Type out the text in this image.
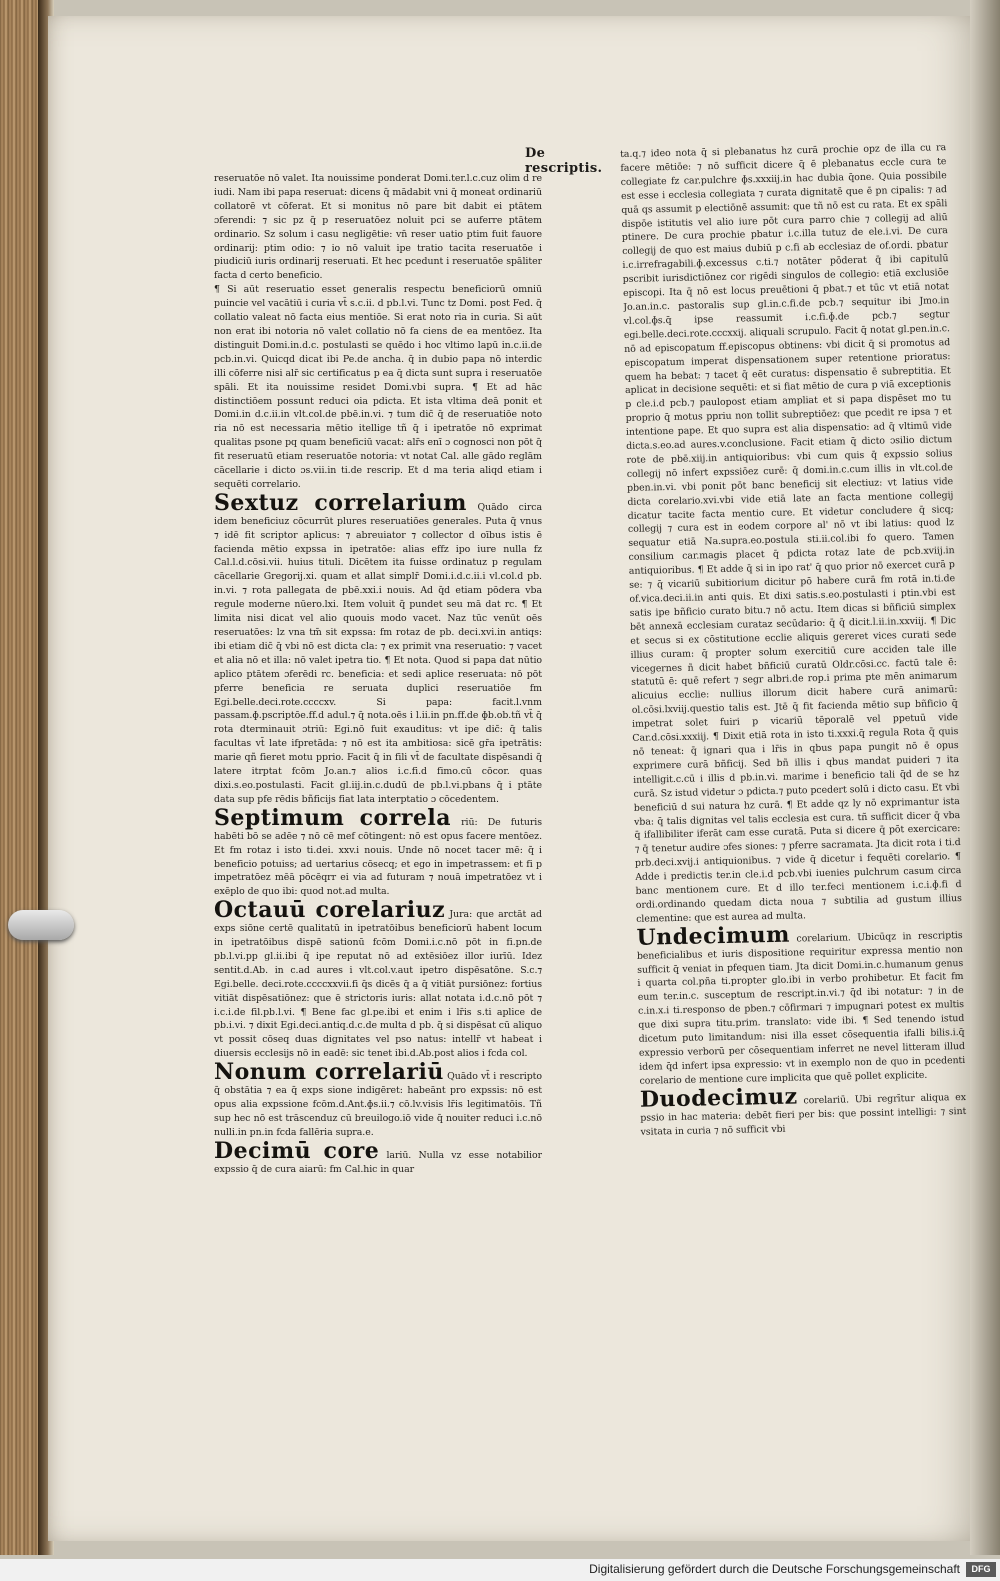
De rescriptis.

reseruatōe nō valet. Ita nouissime ponderat Domi.ter.l.c.cuz olim d re iudi. Nam ibi papa reseruat: dicens q̄ mādabit vni q̄ moneat ordinariū collatorē vt cōferat. Et si monitus nō pare bit dabit ei ptātem ɔferendi: ⁊ sic pz q̄ p reseruatōez noluit pci se auferre ptātem ordinario. Sz solum i casu negligētie: vn̄ reser uatio ptim fuit fauore ordinarij: ptim odio: ⁊ io nō valuit ipe tratio tacita reseruatōe i piudiciū iuris ordinarij reseruati. Et hec pcedunt i reseruatōe spāliter facta d certo beneficio.

¶ Si aūt reseruatio esset generalis respectu beneficiorū omniū puincie vel vacātiū i curia vt̄ s.c.ii. d pb.l.vi. Tunc tz Domi. post Fed. q̄ collatio valeat nō facta eius mentiōe. Si erat noto ria in curia. Si aūt non erat ibi notoria nō valet collatio nō fa ciens de ea mentōez. Ita distinguit Domi.in.d.c. postulasti se quēdo i hoc vltimo lapū in.c.ii.de pcb.in.vi. Quicqd dicat ibi Pe.de ancha. q̄ in dubio papa nō interdic illi cōferre nisi alr̄ sic certificatus p ea q̄ dicta sunt supra i reseruatōe spāli. Et ita nouissime residet Domi.vbi supra. ¶ Et ad hāc distinctiōem possunt reduci oia pdicta. Et ista vltima deā ponit et Domi.in d.c.ii.in vlt.col.de pbē.in.vi. ⁊ tum dic̄ q̄ de reseruatiōe noto ria nō est necessaria mētio itellige tñ q̄ i ipetratōe nō exprimat qualitas psone pq quam beneficiū vacat: alr̄s enī ɔ cognosci non pōt q̄ fit reseruatū etiam reseruatōe notoria: vt notat Cal. alle gādo reglām cācellarie i dicto ɔs.vii.in ti.de rescrip. Et d ma teria aliqd etiam i sequēti correlario.

Sextuz correlarium Quādo circa idem beneficiuz cōcurrūt plures reseruatiōes generales. Puta q̄ vnus ⁊ idē fit scriptor aplicus: ⁊ abreuiator ⁊ collector d oībus istis ē facienda mētio expssa in ipetratōe: alias effz ipo iure nulla fz Cal.l.d.cōsi.vii. huius tituli. Dicētem ita fuisse ordinatuz p regulam cācellarie Gregorij.xi. quam et allat simplr̄ Domi.i.d.c.ii.i vl.col.d pb. in.vi. ⁊ rota pallegata de pbē.xxi.i nouis. Ad q̄d etiam pōdera vba regule moderne nūero.lxi. Item voluit q̄ pundet seu mā dat rc. ¶ Et limita nisi dicat vel alio quouis modo vacet. Naz tūc venūt oēs reseruatōes: lz vna tm̄ sit expssa: fm rotaz de pb. deci.xvi.in antiqs: ibi etiam dic̄ q̄ vbi nō est dicta cla: ⁊ ex primit vna reseruatio: ⁊ vacet et alia nō et illa: nō valet ipetra tio. ¶ Et nota. Quod si papa dat nūtio aplico ptātem ɔferēdi rc. beneficia: et sedi aplice reseruata: nō pōt pferre beneficia re seruata duplici reseruatiōe fm Egi.belle.deci.rote.ccccxv. Si papa: facit.l.vnm passam.ɸ.pscriptōe.ff.d adul.⁊ q̄ nota.oēs i l.ii.in pn.ff.de ɸb.ob.tñ vt̄ q̄ rota dterminauit ɔtriū: Egi.nō fuit exauditus: vt ipe dic̄: q̄ talis facultas vt̄ late ifpretāda: ⁊ nō est ita ambitiosa: sicē gr̄a ipetrātis: marie qñ fieret motu pprio. Facit q̄ in fili vt̄ de facultate dispēsandi q̄ latere itrptat fcōm Jo.an.⁊ alios i.c.fi.d fimo.cū cōcor. quas dixi.s.eo.postulasti. Facit gl.iij.in.c.dudū de pb.l.vi.pbans q̄ i ptāte data sup pfe rēdis bñficijs fiat lata interptatio ɔ cōcedentem.

Septimum correla riū: De futuris habēti bō se adēe ⁊ nō cē mef cōtingent: nō est opus facere mentōez. Et fm rotaz i isto ti.dei. xxv.i nouis. Unde nō nocet tacer mē: q̄ i beneficio potuiss; ad uertarius cōsecq; et ego in impetrassem: et fi p impetratōez mēā pōcēqrr ei via ad futuram ⁊ nouā impetratōez vt i exēplo de quo ibi: quod not.ad multa.

Octauū corelariuz Jura: que arctāt ad exps siōne certē qualitatū in ipetratōibus beneficiorū habent locum in ipetratōibus dispē sationū fcōm Domi.i.c.nō pōt in fi.pn.de pb.l.vi.pp gl.ii.ibi q̄ ipe reputat nō ad extēsiōez illor iurīū. Idez sentit.d.Ab. in c.ad aures i vlt.col.v.aut ipetro dispēsatōne. S.c.⁊ Egi.belle. deci.rote.ccccxxvii.fi q̄s dicēs q̄ a q̄ vitiāt pursiōnez: fortius vitiāt dispēsatiōnez: que ē strictoris iuris: allat notata i.d.c.nō pōt ⁊ i.c.i.de fil.pb.l.vi. ¶ Bene fac gl.pe.ibi et enim i lr̄is s.ti aplice de pb.i.vi. ⁊ dixit Egi.deci.antiq.d.c.de multa d pb. q̄ si dispēsat cū aliquo vt possit cōseq duas dignitates vel pso natus: intellr̄ vt habeat i diuersis ecclesijs nō in eadē: sic tenet ibi.d.Ab.post alios i fcda col.

Nonum correlariū Quādo vt̄ i rescripto q̄ obstātia ⁊ ea q̄ exps sione indigēret: habeānt pro expssis: nō est opus alia expssione fcōm.d.Ant.ɸs.ii.⁊ cō.lv.visis lr̄is legitimatōis. Tñ sup hec nō est trāscenduz cū breuilogo.iō vide q̄ nouiter reduci i.c.nō nulli.in pn.in fcda fallēria supra.e.

Decimū core lariū. Nulla vz esse notabilior expssio q̄ de cura aiarū: fm Cal.hic in quar

ta.q.⁊ ideo nota q̄ si plebanatus hz curā prochie opz de illa cu ra facere mētiōe: ⁊ nō sufficit dicere q̄ ē plebanatus eccle cura te collegiate fz car.pulchre ɸs.xxxiij.in hac dubia q̄one. Quia possibile est esse i ecclesia collegiata ⁊ curata dignitatē que ē pn cipalis: ⁊ ad quā qs assumit p electiōnē assumit: que tñ nō est cu rata. Et ex spāli dispōe istitutis vel alio iure pōt cura parro chie ⁊ collegij ad aliū ptinere. De cura prochie pbatur i.c.illa tutuz de ele.i.vi. De cura collegij de quo est maius dubiū p c.fi ab ecclesiaz de of.ordi. pbatur i.c.irrefragabili.ɸ.excessus c.ti.⁊ notāter pōderat q̄ ibi capitulū pscribit iurisdictiōnez cor rigēdi singulos de collegio: etiā exclusiōe episcopi. Ita q̄ nō est locus preuētioni q̄ pbat.⁊ et tūc vt etiā notat Jo.an.in.c. pastoralis sup gl.in.c.fi.de pcb.⁊ sequitur ibi Jmo.in vl.col.ɸs.q̄ ipse reassumit i.c.fi.ɸ.de pcb.⁊ segtur egi.belle.deci.rote.cccxxij. aliquali scrupulo. Facit q̄ notat gl.pen.in.c. nō ad episcopatum ff.episcopus obtinens: vbi dicit q̄ si promotus ad episcopatum imperat dispensationem super retentione prioratus: quem ha bebat: ⁊ tacet q̄ eēt curatus: dispensatio ē subreptitia. Et aplicat in decisione sequēti: et si fiat mētio de cura p viā exceptionis p cle.i.d pcb.⁊ paulopost etiam ampliat et si papa dispēset mo tu proprio q̄ motus ppriu non tollit subreptiōez: que pcedit re ipsa ⁊ et intentione pape. Et quo supra est alia dispensatio: ad q̄ vltimū vide dicta.s.eo.ad aures.v.conclusione. Facit etiam q̄ dicto ɔsilio dictum rote de pbē.xiij.in antiquioribus: vbi cum quis q̄ expssio solius collegij nō infert expssiōez curē: q̄ domi.in.c.cum illis in vlt.col.de pben.in.vi. vbi ponit pōt banc beneficij sit electiuz: vt latius vide dicta corelario.xvi.vbi vide etiā late an facta mentione collegij dicatur tacite facta mentio cure. Et videtur concludere q̄ sicq; collegij ⁊ cura est in eodem corpore al' nō vt ibi latius: quod lz sequatur etiā Na.supra.eo.postula sti.ii.col.ibi fo quero. Tamen consilium car.magis placet q̄ pdicta rotaz late de pcb.xviij.in antiquioribus. ¶ Et adde q̄ si in ipo rat' q̄ quo prior nō exercet curā p se: ⁊ q̄ vicariū subitiorium dicitur pō habere curā fm rotā in.ti.de of.vica.deci.ii.in anti quis. Et dixi satis.s.eo.postulasti i ptin.vbi est satis ipe bñficio curato bitu.⁊ nō actu. Item dicas si bñficiū simplex bēt annexā ecclesiam curataz secūdario: q̄ q̄ dicit.l.ii.in.xxviij. ¶ Dic et secus si ex cōstitutione ecclie aliquis gereret vices curati sede illius curam: q̄ propter solum exercitiū cure acciden tale ille vicegernes ñ dicit habet bñficiū curatū Oldr.cōsi.cc. factū tale ē: statutū ē: quē refert ⁊ segr albri.de rop.i prima pte mēn animarum alicuius ecclie: nullius illorum dicit habere curā animarū: ol.cōsi.lxviij.questio talis est. Jtē q̄ fit facienda mētio sup bñficio q̄ impetrat solet fuiri p vicariū tēporalē vel ppetuū vide Car.d.cōsi.xxxiij. ¶ Dixit etiā rota in isto ti.xxxi.q̄ regula Rota q̄ quis nō teneat: q̄ ignari qua i lr̄is in qbus papa pungit nō ē opus exprimere curā bñficij. Sed bñ illis i qbus mandat puideri ⁊ ita intelligit.c.cū i illis d pb.in.vi. marime i beneficio tali q̄d de se hz curā. Sz istud videtur ɔ pdicta.⁊ puto pcedert solū i dicto casu. Et vbi beneficiū d sui natura hz curā. ¶ Et adde qz ly nō exprimantur ista vba: q̄ talis dignitas vel talis ecclesia est cura. tñ sufficit dicer q̄ vba q̄ ifallibiliter iferāt cam esse curatā. Puta si dicere q̄ pōt exercicare: ⁊ q̄ tenetur audire ɔfes siones: ⁊ pferre sacramata. Jta dicit rota i ti.d prb.deci.xvij.i antiquionibus. ⁊ vide q̄ dicetur i fequēti corelario. ¶ Adde i predictis ter.in cle.i.d pcb.vbi iuenies pulchrum casum circa banc mentionem cure. Et d illo ter.feci mentionem i.c.i.ɸ.fi d ordi.ordinando quedam dicta noua ⁊ subtilia ad gustum illius clementine: que est aurea ad multa.

Undecimum corelarium. Ubicūqz in rescriptis beneficialibus et iuris dispositione requiritur expressa mentio non sufficit q̄ veniat in pfequen tiam. Jta dicit Domi.in.c.humanum genus i quarta col.pña ti.propter glo.ibi in verbo prohibetur. Et facit fm eum ter.in.c. susceptum de rescript.in.vi.⁊ q̄d ibi notatur: ⁊ in de c.in.x.i ti.responso de pben.⁊ cōfirmari ⁊ impugnari potest ex multis que dixi supra titu.prim. translato: vide ibi. ¶ Sed tenendo istud dicetum puto limitandum: nisi illa esset cōsequentia ifalli bilis.i.q̄ expressio verborū per cōsequentiam inferret ne nevel litteram illud idem q̄d infert ipsa expressio: vt in exemplo non de quo in pcedenti corelario de mentione cure implicita que quē pollet explicite.

Duodecimuz corelariū. Ubi regrītur aliqua ex pssio in hac materia: debēt fieri per bis: que possint intelligi: ⁊ sint vsitata in curia ⁊ nō sufficit vbi

Digitalisierung gefördert durch die Deutsche Forschungsgemeinschaft	DFG
